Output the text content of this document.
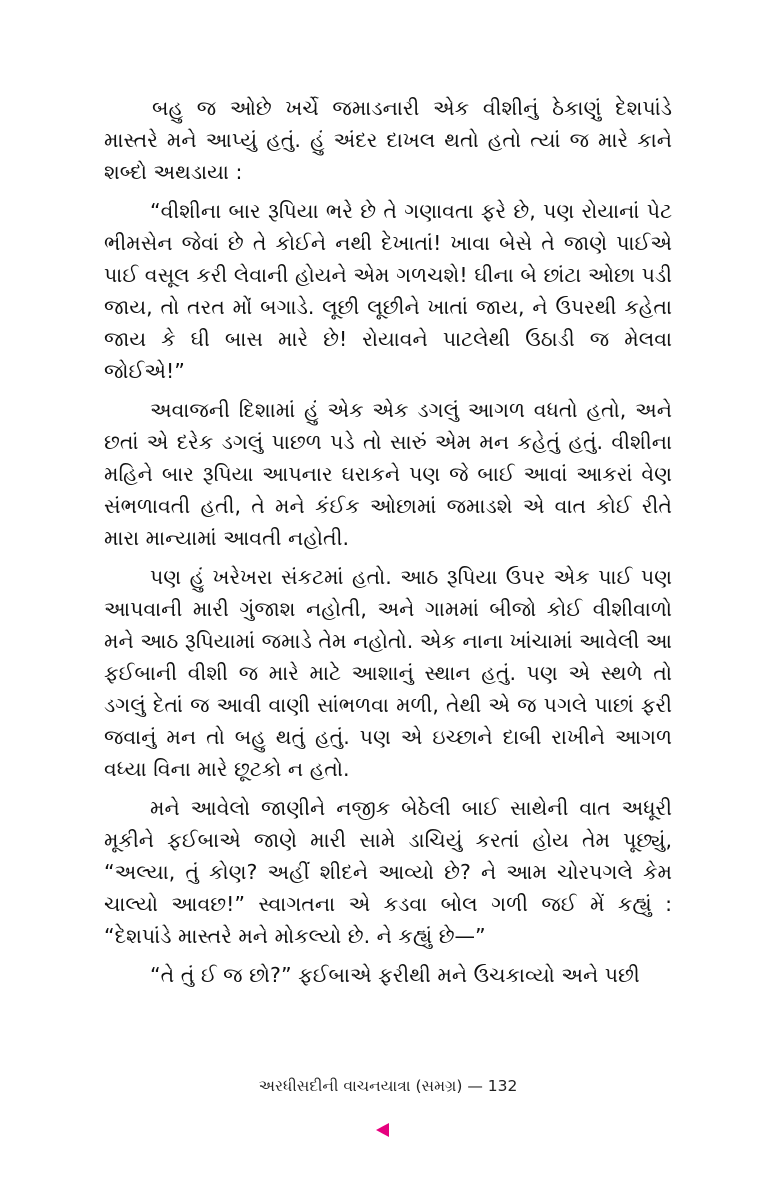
બહુ જ ઓછે ખર્ચે જમાડનારી એક વીશીનું ઠેકાણું દેશપાંડે માસ્તરે મને આપ્યું હતું. હું અંદર દાખલ થતો હતો ત્યાં જ મારે કાને શબ્દો અથડાયા :

“વીશીના બાર રૂપિયા ભરે છે તે ગણાવતા ફરે છે, પણ રોયાનાં પેટ ભીમસેન જેવાં છે તે કોઈને નથી દેખાતાં! ખાવા બેસે તે જાણે પાઈએ પાઈ વસૂલ કરી લેવાની હોયને એમ ગળચશે! ઘીના બે છાંટા ઓછા પડી જાય, તો તરત મોં બગાડે. લૂછી લૂછીને ખાતાં જાય, ને ઉપરથી કહેતા જાય કે ઘી બાસ મારે છે! રોયાવને પાટલેથી ઉઠાડી જ મેલવા જોઈએ!”

અવાજની દિશામાં હું એક એક ડગલું આગળ વધતો હતો, અને છતાં એ દરેક ડગલું પાછળ પડે તો સારું એમ મન કહેતું હતું. વીશીના મહિને બાર રૂપિયા આપનાર ઘરાકને પણ જે બાઈ આવાં આકરાં વેણ સંભળાવતી હતી, તે મને કંઈક ઓછામાં જમાડશે એ વાત કોઈ રીતે મારા માન્યામાં આવતી નહોતી.

પણ હું ખરેખરા સંકટમાં હતો. આઠ રૂપિયા ઉપર એક પાઈ પણ આપવાની મારી ગુંજાશ નહોતી, અને ગામમાં બીજો કોઈ વીશીવાળો મને આઠ રૂપિયામાં જમાડે તેમ નહોતો. એક નાના ખાંચામાં આવેલી આ ફઈબાની વીશી જ મારે માટે આશાનું સ્થાન હતું. પણ એ સ્થળે તો ડગલું દેતાં જ આવી વાણી સાંભળવા મળી, તેથી એ જ પગલે પાછાં ફરી જવાનું મન તો બહુ થતું હતું. પણ એ ઇચ્છાને દાબી રાખીને આગળ વધ્યા વિના મારે છૂટકો ન હતો.

મને આવેલો જાણીને નજીક બેઠેલી બાઈ સાથેની વાત અધૂરી મૂકીને ફઈબાએ જાણે મારી સામે ડાચિયું કરતાં હોય તેમ પૂછ્યું, “અલ્યા, તું કોણ? અહીં શીદને આવ્યો છે? ને આમ ચોરપગલે કેમ ચાલ્યો આવછ!” સ્વાગતના એ કડવા બોલ ગળી જઈ મેં કહ્યું : “દેશપાંડે માસ્તરે મને મોકલ્યો છે. ને કહ્યું છે—”

“તે તું ઈ જ છો?” ફઈબાએ ફરીથી મને ઉચકાવ્યો અને પછી

અરધીસદીની વાચનયાત્રા (સમગ્ર) — 132
